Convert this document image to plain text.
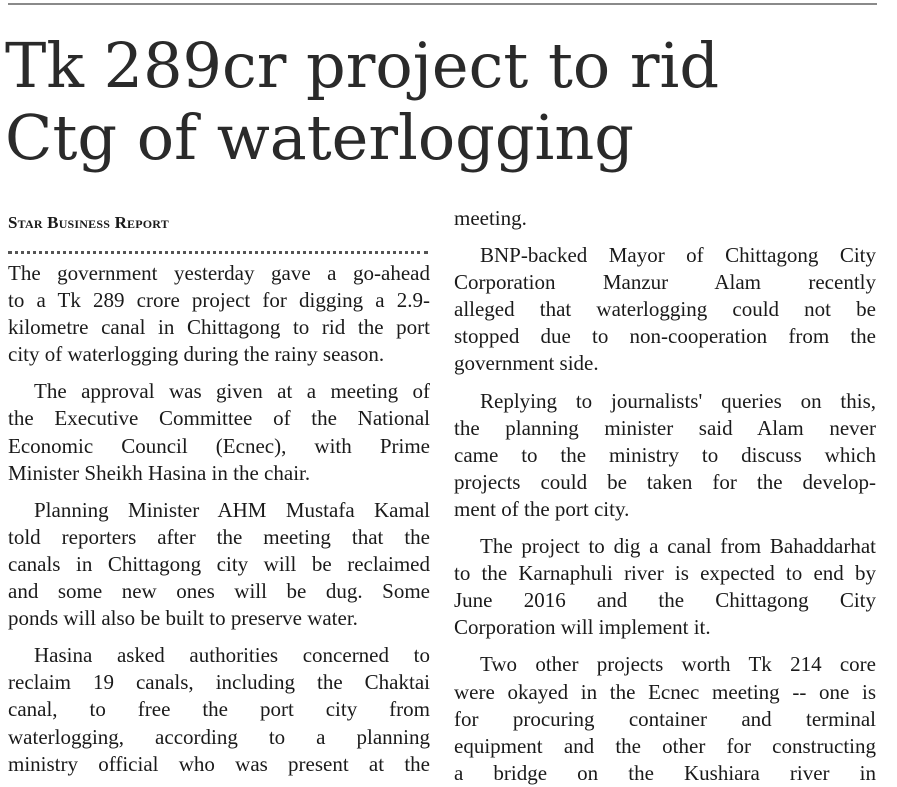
Tk 289cr project to rid
Ctg of waterlogging
Star Business Report

The government yesterday gave a go-ahead
to a Tk 289 crore project for digging a 2.9-
kilometre canal in Chittagong to rid the port
city of waterlogging during the rainy season.

The approval was given at a meeting of
the Executive Committee of the National
Economic Council (Ecnec), with Prime
Minister Sheikh Hasina in the chair.

Planning Minister AHM Mustafa Kamal
told reporters after the meeting that the
canals in Chittagong city will be reclaimed
and some new ones will be dug. Some
ponds will also be built to preserve water.

Hasina asked authorities concerned to
reclaim 19 canals, including the Chaktai
canal, to free the port city from
waterlogging, according to a planning
ministry official who was present at the

meeting.

BNP-backed Mayor of Chittagong City
Corporation Manzur Alam recently
alleged that waterlogging could not be
stopped due to non-cooperation from the
government side.

Replying to journalists' queries on this,
the planning minister said Alam never
came to the ministry to discuss which
projects could be taken for the develop-
ment of the port city.

The project to dig a canal from Bahaddarhat
to the Karnaphuli river is expected to end by
June 2016 and the Chittagong City
Corporation will implement it.

Two other projects worth Tk 214 core
were okayed in the Ecnec meeting -- one is
for procuring container and terminal
equipment and the other for constructing
a bridge on the Kushiara river in
